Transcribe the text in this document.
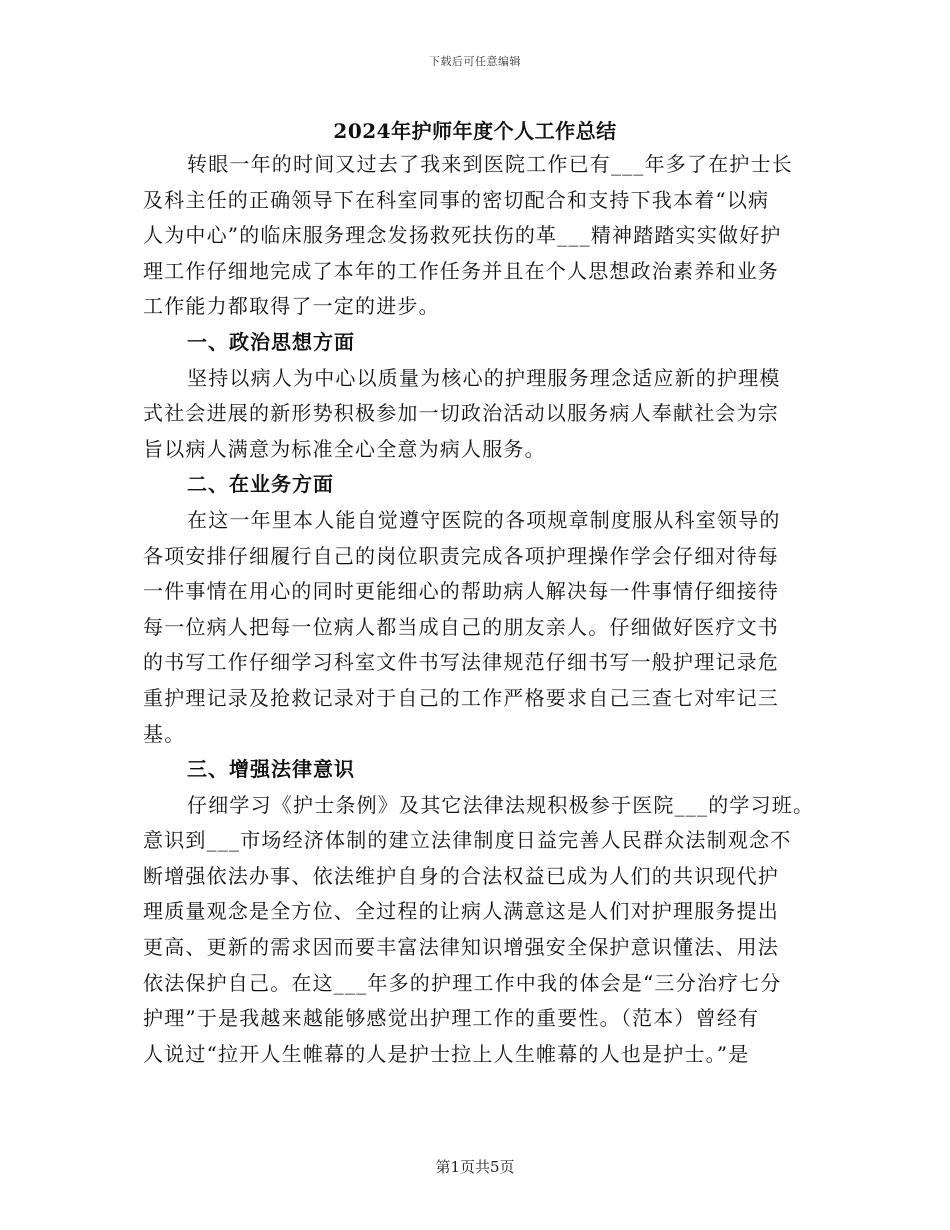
下载后可任意编辑
2024年护师年度个人工作总结
转眼一年的时间又过去了我来到医院工作已有___年多了在护士长
及科主任的正确领导下在科室同事的密切配合和支持下我本着“以病
人为中心”的临床服务理念发扬救死扶伤的革___精神踏踏实实做好护
理工作仔细地完成了本年的工作任务并且在个人思想政治素养和业务
工作能力都取得了一定的进步。
一、政治思想方面
坚持以病人为中心以质量为核心的护理服务理念适应新的护理模
式社会进展的新形势积极参加一切政治活动以服务病人奉献社会为宗
旨以病人满意为标准全心全意为病人服务。
二、在业务方面
在这一年里本人能自觉遵守医院的各项规章制度服从科室领导的
各项安排仔细履行自己的岗位职责完成各项护理操作学会仔细对待每
一件事情在用心的同时更能细心的帮助病人解决每一件事情仔细接待
每一位病人把每一位病人都当成自己的朋友亲人。仔细做好医疗文书
的书写工作仔细学习科室文件书写法律规范仔细书写一般护理记录危
重护理记录及抢救记录对于自己的工作严格要求自己三查七对牢记三
基。
三、增强法律意识
仔细学习《护士条例》及其它法律法规积极参于医院___的学习班。
意识到___市场经济体制的建立法律制度日益完善人民群众法制观念不
断增强依法办事、依法维护自身的合法权益已成为人们的共识现代护
理质量观念是全方位、全过程的让病人满意这是人们对护理服务提出
更高、更新的需求因而要丰富法律知识增强安全保护意识懂法、用法
依法保护自己。在这___年多的护理工作中我的体会是“三分治疗七分
护理”于是我越来越能够感觉出护理工作的重要性。（范本）曾经有
人说过“拉开人生帷幕的人是护士拉上人生帷幕的人也是护士。”是
第1页共5页
